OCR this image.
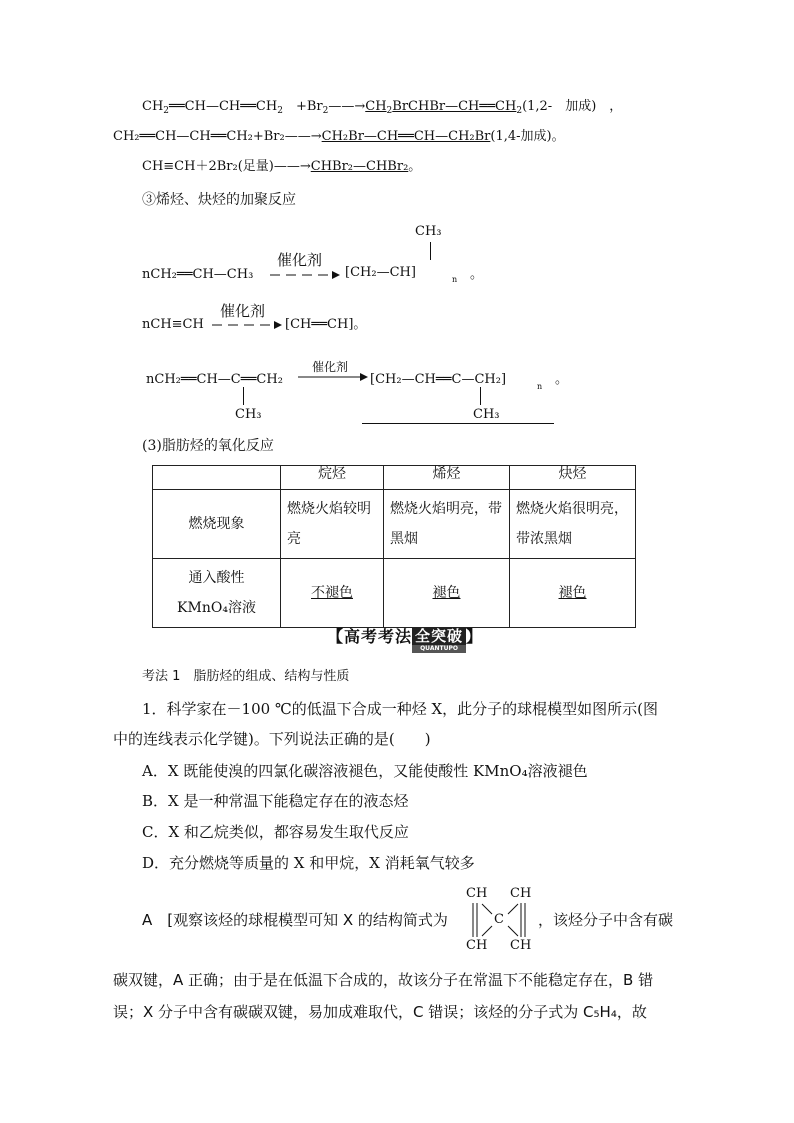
$CH_2══CH—CH══CH_2$　$+Br_2——\to CH_2BrCHBr—CH══CH_2(1,2-$　加成)　，
CH₂══CH—CH══CH₂+Br₂——→CH₂Br—CH══CH—CH₂Br(1,4-加成)。
CH≡CH＋2Br₂(足量)——→CHBr₂—CHBr₂。
③烯烃、炔烃的加聚反应
nCH₂══CH—CH₃
催化剂
CH₃
[CH₂—CH]	n 。
nCH≡CH
催化剂
[CH══CH]。
nCH₂══CH—C══CH₂
CH₃
催化剂
[CH₂—CH══C—CH₂]	n 。
CH₃
(3)脂肪烃的氧化反应
	烷烃	烯烃	炔烃
燃烧现象	燃烧火焰较明亮	燃烧火焰明亮，带黑烟	燃烧火焰很明亮，带浓黑烟

通入酸性
KMnO₄溶液	不褪色	褪色	褪色
【高考考法 全突破
QUANTUPO
】
考法 1　脂肪烃的组成、结构与性质
1．科学家在－100 ℃的低温下合成一种烃 X，此分子的球棍模型如图所示(图
中的连线表示化学键)。下列说法正确的是(　　)
A．X 既能使溴的四氯化碳溶液褪色，又能使酸性 KMnO₄溶液褪色
B．X 是一种常温下能稳定存在的液态烃
C．X 和乙烷类似，都容易发生取代反应
D．充分燃烧等质量的 X 和甲烷，X 消耗氧气较多
A　[观察该烃的球棍模型可知 X 的结构简式为
CH CH
C
CH CH
，该烃分子中含有碳
碳双键，A 正确；由于是在低温下合成的，故该分子在常温下不能稳定存在，B 错
误；X 分子中含有碳碳双键，易加成难取代，C 错误；该烃的分子式为 C₅H₄，故
